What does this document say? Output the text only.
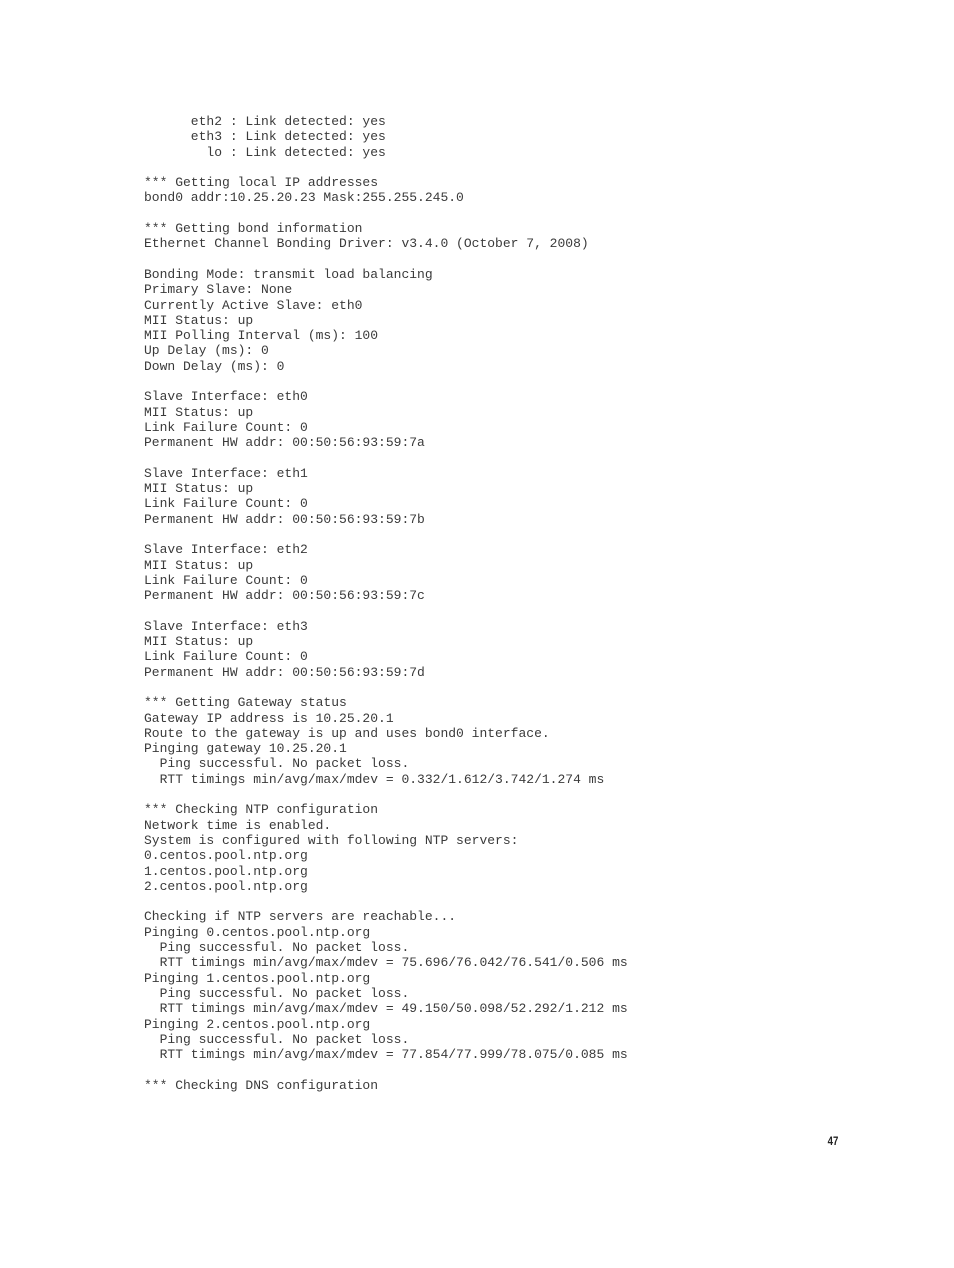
eth2 : Link detected: yes
eth3 : Link detected: yes
lo : Link detected: yes

*** Getting local IP addresses
bond0 addr:10.25.20.23 Mask:255.255.245.0

*** Getting bond information
Ethernet Channel Bonding Driver: v3.4.0 (October 7, 2008)

Bonding Mode: transmit load balancing
Primary Slave: None
Currently Active Slave: eth0
MII Status: up
MII Polling Interval (ms): 100
Up Delay (ms): 0
Down Delay (ms): 0

Slave Interface: eth0
MII Status: up
Link Failure Count: 0
Permanent HW addr: 00:50:56:93:59:7a

Slave Interface: eth1
MII Status: up
Link Failure Count: 0
Permanent HW addr: 00:50:56:93:59:7b

Slave Interface: eth2
MII Status: up
Link Failure Count: 0
Permanent HW addr: 00:50:56:93:59:7c

Slave Interface: eth3
MII Status: up
Link Failure Count: 0
Permanent HW addr: 00:50:56:93:59:7d

*** Getting Gateway status
Gateway IP address is 10.25.20.1
Route to the gateway is up and uses bond0 interface.
Pinging gateway 10.25.20.1
Ping successful. No packet loss.
RTT timings min/avg/max/mdev = 0.332/1.612/3.742/1.274 ms

*** Checking NTP configuration
Network time is enabled.
System is configured with following NTP servers:
0.centos.pool.ntp.org
1.centos.pool.ntp.org
2.centos.pool.ntp.org

Checking if NTP servers are reachable...
Pinging 0.centos.pool.ntp.org
Ping successful. No packet loss.
RTT timings min/avg/max/mdev = 75.696/76.042/76.541/0.506 ms
Pinging 1.centos.pool.ntp.org
Ping successful. No packet loss.
RTT timings min/avg/max/mdev = 49.150/50.098/52.292/1.212 ms
Pinging 2.centos.pool.ntp.org
Ping successful. No packet loss.
RTT timings min/avg/max/mdev = 77.854/77.999/78.075/0.085 ms

*** Checking DNS configuration
47
